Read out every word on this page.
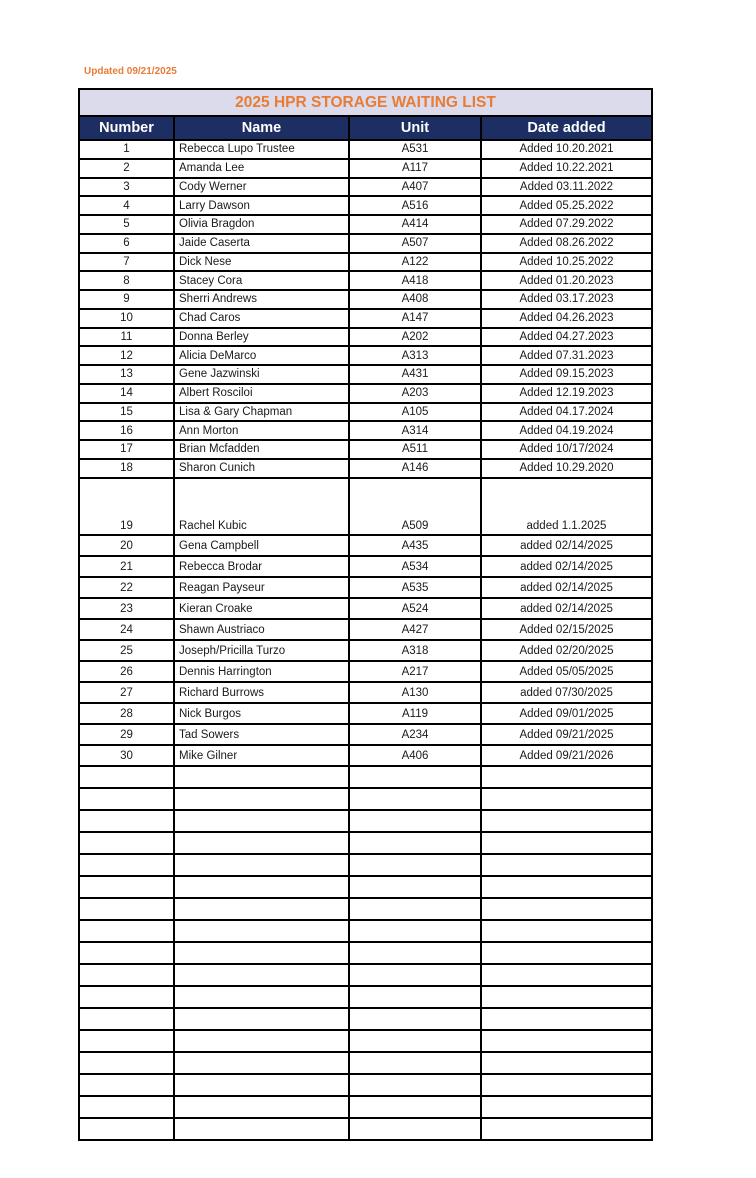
Updated 09/21/2025
2025 HPR STORAGE WAITING LIST			
Number	Name	Unit	Date added
1	Rebecca Lupo Trustee	A531	Added 10.20.2021
2	Amanda Lee	A117	Added 10.22.2021
3	Cody Werner	A407	Added 03.11.2022
4	Larry Dawson	A516	Added 05.25.2022
5	Olivia Bragdon	A414	Added 07.29.2022
6	Jaide Caserta	A507	Added 08.26.2022
7	Dick Nese	A122	Added 10.25.2022
8	Stacey Cora	A418	Added 01.20.2023
9	Sherri Andrews	A408	Added 03.17.2023
10	Chad Caros	A147	Added 04.26.2023
11	Donna Berley	A202	Added 04.27.2023
12	Alicia DeMarco	A313	Added 07.31.2023
13	Gene Jazwinski	A431	Added 09.15.2023
14	Albert Rosciloi	A203	Added 12.19.2023
15	Lisa & Gary Chapman	A105	Added 04.17.2024
16	Ann Morton	A314	Added 04.19.2024
17	Brian Mcfadden	A511	Added 10/17/2024
18	Sharon Cunich	A146	Added 10.29.2020
19	Rachel Kubic	A509	added 1.1.2025
20	Gena Campbell	A435	added 02/14/2025
21	Rebecca Brodar	A534	added 02/14/2025
22	Reagan Payseur	A535	added 02/14/2025
23	Kieran Croake	A524	added 02/14/2025
24	Shawn Austriaco	A427	Added 02/15/2025
25	Joseph/Pricilla Turzo	A318	Added 02/20/2025
26	Dennis Harrington	A217	Added 05/05/2025
27	Richard Burrows	A130	added 07/30/2025
28	Nick Burgos	A119	Added 09/01/2025
29	Tad Sowers	A234	Added 09/21/2025
30	Mike Gilner	A406	Added 09/21/2026
